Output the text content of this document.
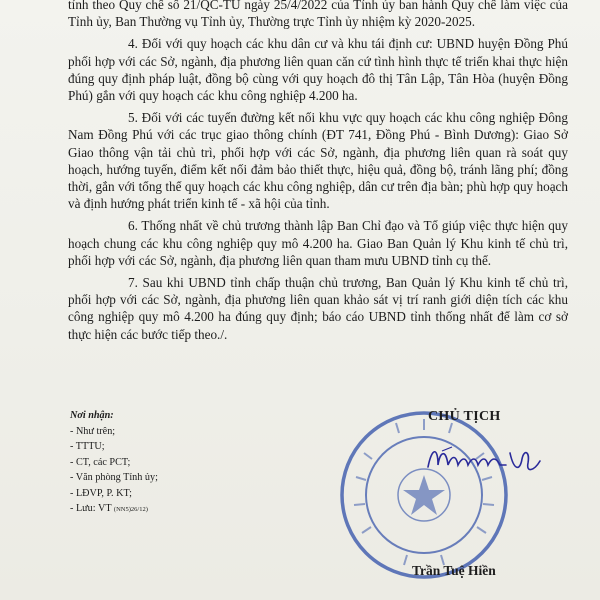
tỉnh theo Quy chế số 21/QC-TU ngày 25/4/2022 của Tỉnh ủy ban hành Quy chế làm việc của Tỉnh ủy, Ban Thường vụ Tỉnh ủy, Thường trực Tỉnh ủy nhiệm kỳ 2020-2025.

4. Đối với quy hoạch các khu dân cư và khu tái định cư: UBND huyện Đồng Phú phối hợp với các Sở, ngành, địa phương liên quan căn cứ tình hình thực tế triển khai thực hiện đúng quy định pháp luật, đồng bộ cùng với quy hoạch đô thị Tân Lập, Tân Hòa (huyện Đồng Phú) gắn với quy hoạch các khu công nghiệp 4.200 ha.

5. Đối với các tuyến đường kết nối khu vực quy hoạch các khu công nghiệp Đông Nam Đồng Phú với các trục giao thông chính (ĐT 741, Đồng Phú - Bình Dương): Giao Sở Giao thông vận tải chủ trì, phối hợp với các Sở, ngành, địa phương liên quan rà soát quy hoạch, hướng tuyến, điểm kết nối đảm bảo thiết thực, hiệu quả, đồng bộ, tránh lãng phí; đồng thời, gắn với tổng thể quy hoạch các khu công nghiệp, dân cư trên địa bàn; phù hợp quy hoạch và định hướng phát triển kinh tế - xã hội của tỉnh.

6. Thống nhất về chủ trương thành lập Ban Chỉ đạo và Tổ giúp việc thực hiện quy hoạch chung các khu công nghiệp quy mô 4.200 ha. Giao Ban Quản lý Khu kinh tế chủ trì, phối hợp với các Sở, ngành, địa phương liên quan tham mưu UBND tỉnh cụ thể.

7. Sau khi UBND tỉnh chấp thuận chủ trương, Ban Quản lý Khu kinh tế chủ trì, phối hợp với các Sở, ngành, địa phương liên quan khảo sát vị trí ranh giới diện tích các khu công nghiệp quy mô 4.200 ha đúng quy định; báo cáo UBND tỉnh thống nhất để làm cơ sở thực hiện các bước tiếp theo./.

Nơi nhận:
- Như trên;
- TTTU;
- CT, các PCT;
- Văn phòng Tỉnh ủy;
- LĐVP, P. KT;
- Lưu: VT (NN5)26/12)
CHỦ TỊCH
Trần Tuệ Hiền
